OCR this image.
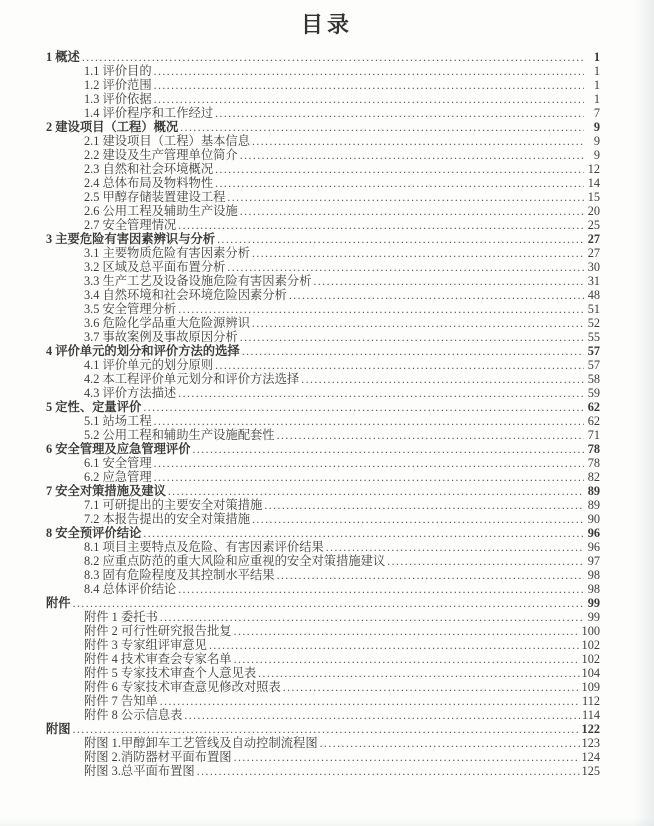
目录
1 概述 .....	1
1.1 评价目的 .....	1
1.2 评价范围 .....	1
1.3 评价依据 .....	1
1.4 评价程序和工作经过 .....	7
2 建设项目（工程）概况 .....	9
2.1 建设项目（工程）基本信息 .....	9
2.2 建设及生产管理单位简介 .....	9
2.3 自然和社会环境概况 .....	12
2.4 总体布局及物料物性 .....	14
2.5 甲醇存储装置建设工程 .....	15
2.6 公用工程及辅助生产设施 .....	20
2.7 安全管理情况 .....	25
3 主要危险有害因素辨识与分析 .....	27
3.1 主要物质危险有害因素分析 .....	27
3.2 区域及总平面布置分析 .....	30
3.3 生产工艺及设备设施危险有害因素分析 .....	31
3.4 自然环境和社会环境危险因素分析 .....	48
3.5 安全管理分析 .....	51
3.6 危险化学品重大危险源辨识 .....	52
3.7 事故案例及事故原因分析 .....	55
4 评价单元的划分和评价方法的选择 .....	57
4.1 评价单元的划分原则 .....	57
4.2 本工程评价单元划分和评价方法选择 .....	58
4.3 评价方法描述 .....	59
5 定性、定量评价 .....	62
5.1 站场工程 .....	62
5.2 公用工程和辅助生产设施配套性 .....	71
6 安全管理及应急管理评价 .....	78
6.1 安全管理 .....	78
6.2 应急管理 .....	82
7 安全对策措施及建议 .....	89
7.1 可研提出的主要安全对策措施 .....	89
7.2 本报告提出的安全对策措施 .....	90
8 安全预评价结论 .....	96
8.1 项目主要特点及危险、有害因素评价结果 .....	96
8.2 应重点防范的重大风险和应重视的安全对策措施建议 .....	97
8.3 固有危险程度及其控制水平结果 .....	98
8.4 总体评价结论 .....	98
附件 .....	99
附件 1 委托书 .....	99
附件 2 可行性研究报告批复 .....	100
附件 3 专家组评审意见 .....	102
附件 4 技术审查会专家名单 .....	102
附件 5 专家技术审查个人意见表 .....	104
附件 6 专家技术审查意见修改对照表 .....	109
附件 7 告知单 .....	112
附件 8 公示信息表 .....	114
附图 .....	122
附图 1.甲醇卸车工艺管线及自动控制流程图 .....	123
附图 2.消防器材平面布置图 .....	124
附图 3.总平面布置图 .....	125
